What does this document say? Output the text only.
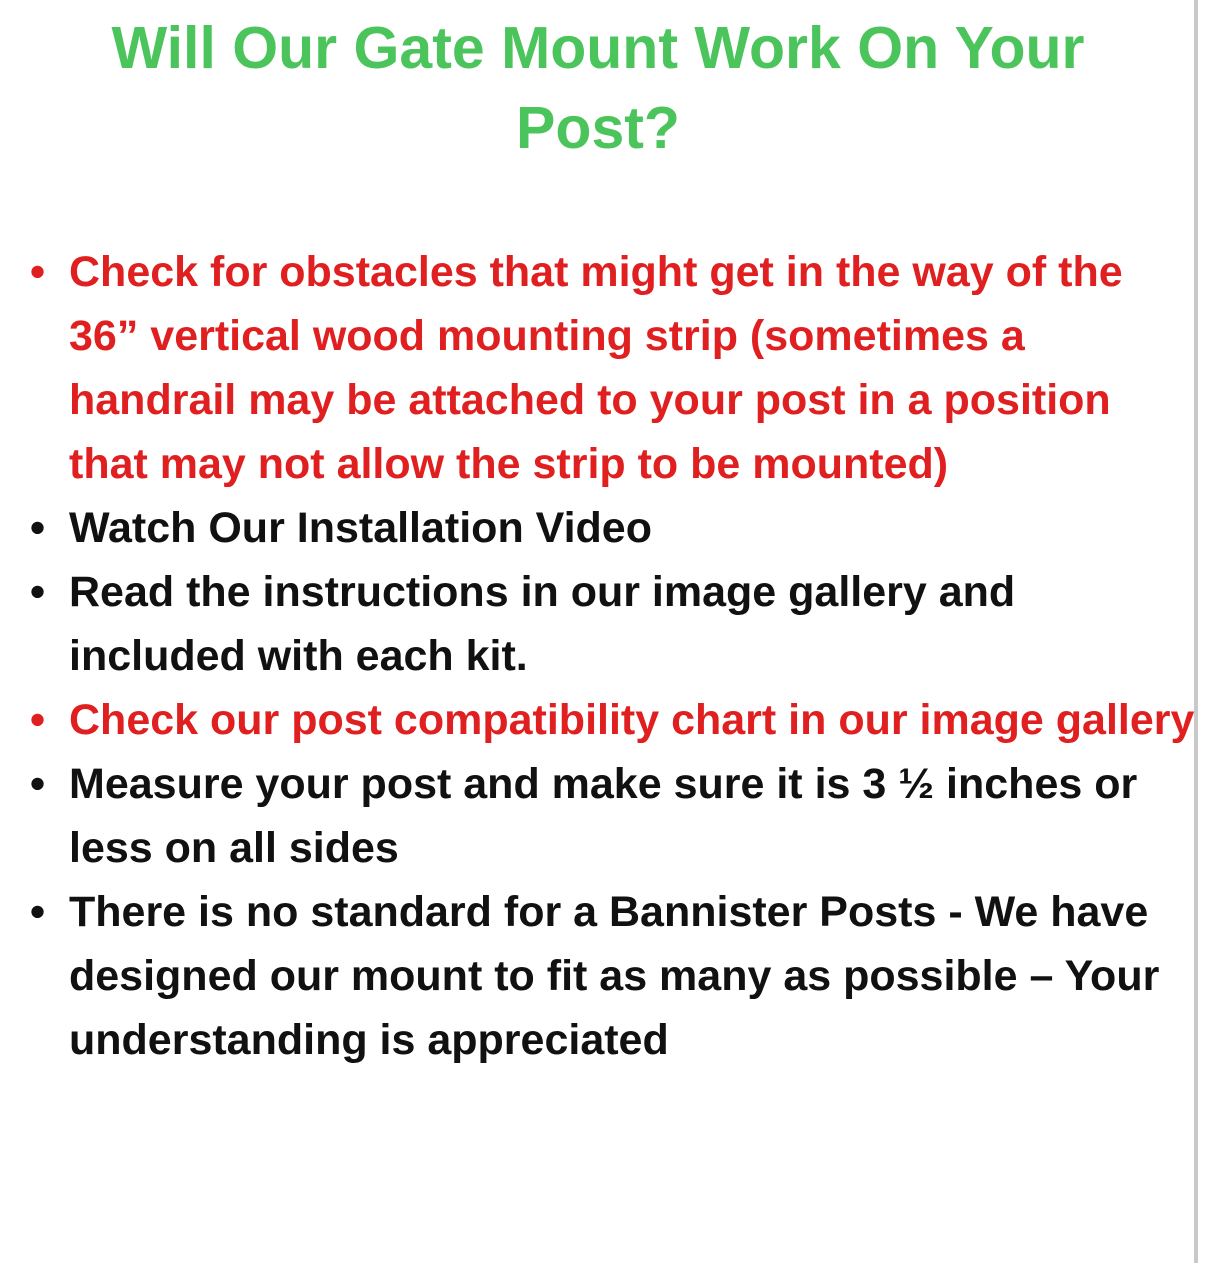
Will Our Gate Mount Work On Your
Post?
• Check for obstacles that might get in the way of the 36” vertical wood mounting strip (sometimes a handrail may be attached to your post in a position that may not allow the strip to be mounted)
• Watch Our Installation Video
• Read the instructions in our image gallery and included with each kit.
• Check our post compatibility chart in our image gallery
• Measure your post and make sure it is 3 ½ inches or less on all sides
• There is no standard for a Bannister Posts - We have designed our mount to fit as many as possible – Your understanding is appreciated
